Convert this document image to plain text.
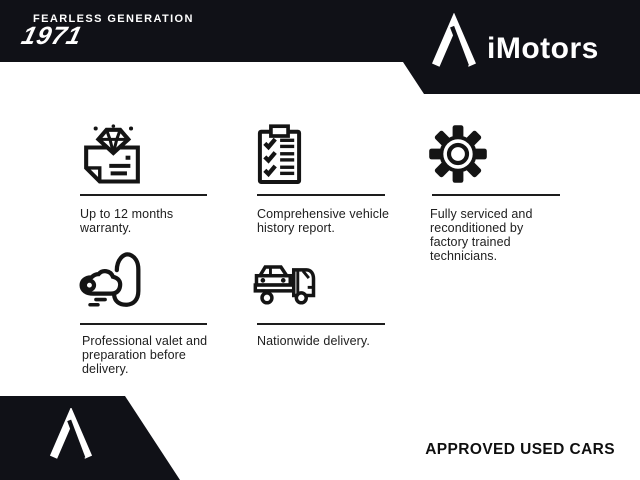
FEARLESS GENERATION
1971	iMotors
Up to 12 months warranty.
Comprehensive vehicle history report.
Fully serviced and reconditioned by factory trained technicians.
Professional valet and preparation before delivery.
Nationwide delivery.
APPROVED USED CARS
